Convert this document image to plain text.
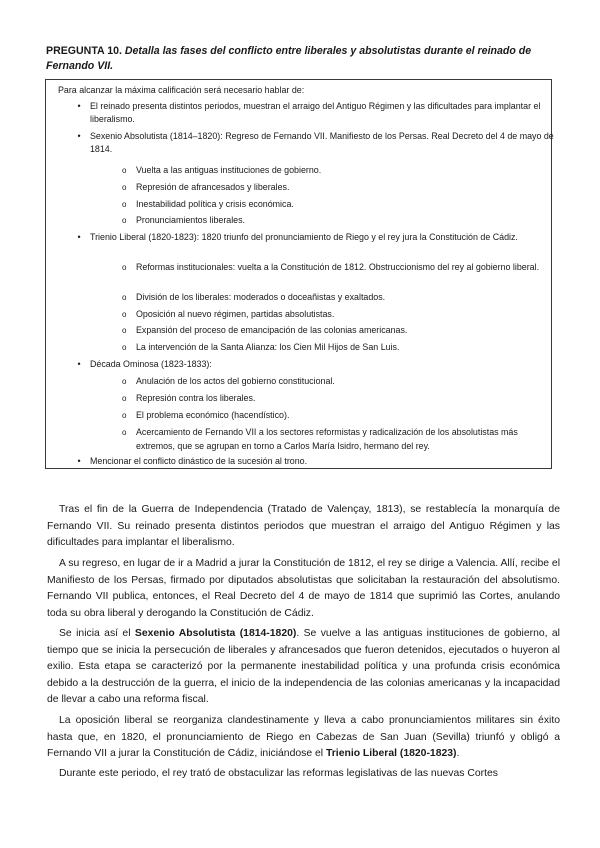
PREGUNTA 10. Detalla las fases del conflicto entre liberales y absolutistas durante el reinado de Fernando VII.
Para alcanzar la máxima calificación será necesario hablar de:
• El reinado presenta distintos periodos, muestran el arraigo del Antiguo Régimen y las dificultades para implantar el liberalismo.
• Sexenio Absolutista (1814–1820): Regreso de Fernando VII. Manifiesto de los Persas. Real Decreto del 4 de mayo de 1814.
o Vuelta a las antiguas instituciones de gobierno.
o Represión de afrancesados y liberales.
o Inestabilidad política y crisis económica.
o Pronunciamientos liberales.
• Trienio Liberal (1820-1823): 1820 triunfo del pronunciamiento de Riego y el rey jura la Constitución de Cádiz.
o Reformas institucionales: vuelta a la Constitución de 1812. Obstruccionismo del rey al gobierno liberal.
o División de los liberales: moderados o doceañistas y exaltados.
o Oposición al nuevo régimen, partidas absolutistas.
o Expansión del proceso de emancipación de las colonias americanas.
o La intervención de la Santa Alianza: los Cien Mil Hijos de San Luis.
• Década Ominosa (1823-1833):
o Anulación de los actos del gobierno constitucional.
o Represión contra los liberales.
o El problema económico (hacendístico).
o Acercamiento de Fernando VII a los sectores reformistas y radicalización de los absolutistas más extremos, que se agrupan en torno a Carlos María Isidro, hermano del rey.
• Mencionar el conflicto dinástico de la sucesión al trono.
Tras el fin de la Guerra de Independencia (Tratado de Valençay, 1813), se restablecía la monarquía de Fernando VII. Su reinado presenta distintos periodos que muestran el arraigo del Antiguo Régimen y las dificultades para implantar el liberalismo.
A su regreso, en lugar de ir a Madrid a jurar la Constitución de 1812, el rey se dirige a Valencia. Allí, recibe el Manifiesto de los Persas, firmado por diputados absolutistas que solicitaban la restauración del absolutismo. Fernando VII publica, entonces, el Real Decreto del 4 de mayo de 1814 que suprimió las Cortes, anulando toda su obra liberal y derogando la Constitución de Cádiz.
Se inicia así el Sexenio Absolutista (1814-1820). Se vuelve a las antiguas instituciones de gobierno, al tiempo que se inicia la persecución de liberales y afrancesados que fueron detenidos, ejecutados o huyeron al exilio. Esta etapa se caracterizó por la permanente inestabilidad política y una profunda crisis económica debido a la destrucción de la guerra, el inicio de la independencia de las colonias americanas y la incapacidad de llevar a cabo una reforma fiscal.
La oposición liberal se reorganiza clandestinamente y lleva a cabo pronunciamientos militares sin éxito hasta que, en 1820, el pronunciamiento de Riego en Cabezas de San Juan (Sevilla) triunfó y obligó a Fernando VII a jurar la Constitución de Cádiz, iniciándose el Trienio Liberal (1820-1823).
Durante este periodo, el rey trató de obstaculizar las reformas legislativas de las nuevas Cortes
